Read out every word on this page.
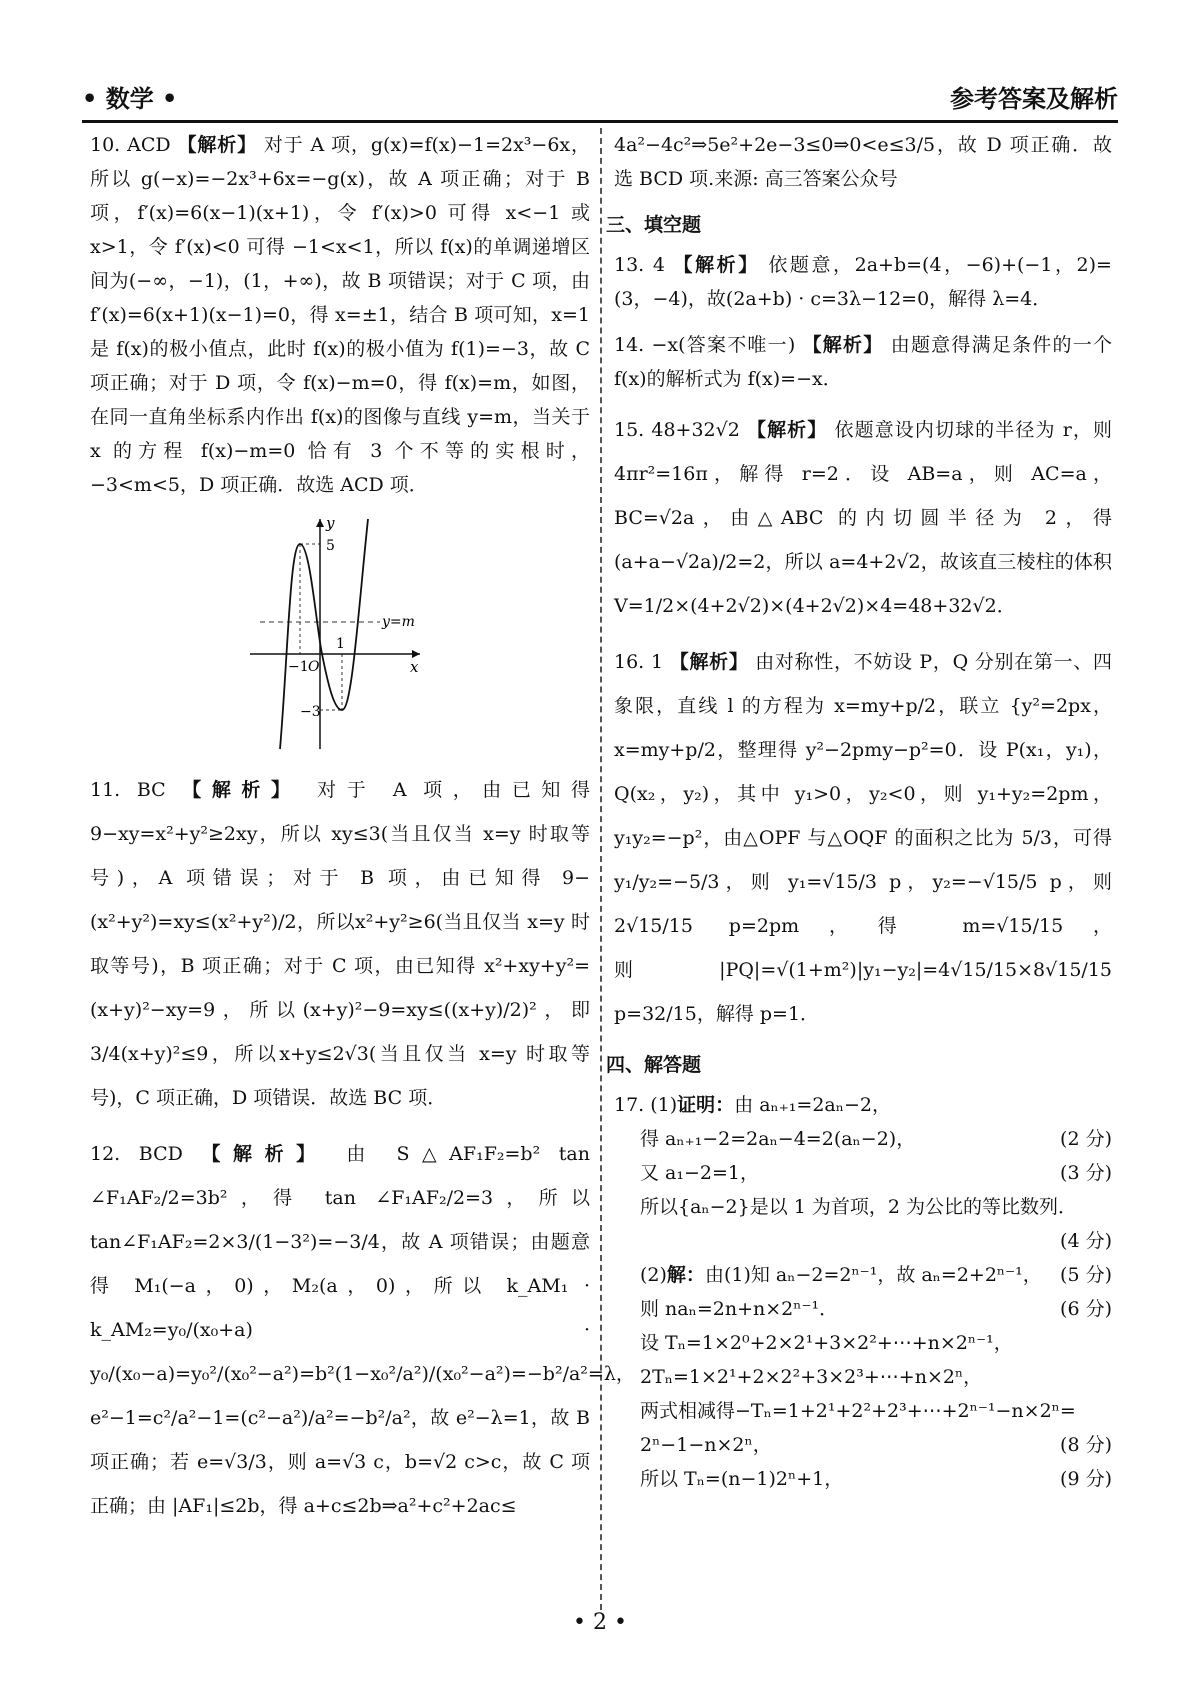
• 数学 •	参考答案及解析
10. ACD 【解析】 对于 A 项，g(x)=f(x)−1=2x³−6x，所以 g(−x)=−2x³+6x=−g(x)，故 A 项正确；对于 B 项，f′(x)=6(x−1)(x+1)，令 f′(x)>0 可得 x<−1 或 x>1，令 f′(x)<0 可得 −1<x<1，所以 f(x)的单调递增区间为(−∞，−1)，(1，+∞)，故 B 项错误；对于 C 项，由 f′(x)=6(x+1)(x−1)=0，得 x=±1，结合 B 项可知，x=1 是 f(x)的极小值点，此时 f(x)的极小值为 f(1)=−3，故 C 项正确；对于 D 项，令 f(x)−m=0，得 f(x)=m，如图，在同一直角坐标系内作出 f(x)的图像与直线 y=m，当关于 x 的方程 f(x)−m=0 恰有 3 个不等的实根时，−3<m<5，D 项正确．故选 ACD 项．
y
x
5
−3
−1 O
1
y=m
11. BC 【解析】 对于 A 项，由已知得 9−xy=x²+y²≥2xy，所以 xy≤3(当且仅当 x=y 时取等号)，A 项错误；对于 B 项，由已知得 9−(x²+y²)=xy≤(x²+y²)/2，所以x²+y²≥6(当且仅当 x=y 时取等号)，B 项正确；对于 C 项，由已知得 x²+xy+y²=(x+y)²−xy=9，所以(x+y)²−9=xy≤((x+y)/2)²，即 3/4(x+y)²≤9，所以x+y≤2√3(当且仅当 x=y 时取等号)，C 项正确，D 项错误．故选 BC 项．
12. BCD 【解析】 由 S△AF₁F₂=b² tan ∠F₁AF₂/2=3b²，得 tan ∠F₁AF₂/2=3，所以 tan∠F₁AF₂=2×3/(1−3²)=−3/4，故 A 项错误；由题意得 M₁(−a，0)，M₂(a，0)，所以 k_AM₁ · k_AM₂=y₀/(x₀+a) · y₀/(x₀−a)=y₀²/(x₀²−a²)=b²(1−x₀²/a²)/(x₀²−a²)=−b²/a²=λ，e²−1=c²/a²−1=(c²−a²)/a²=−b²/a²，故 e²−λ=1，故 B 项正确；若 e=√3/3，则 a=√3 c，b=√2 c>c，故 C 项正确；由 |AF₁|≤2b，得 a+c≤2b⇒a²+c²+2ac≤
4a²−4c²⇒5e²+2e−3≤0⇒0<e≤3/5，故 D 项正确．故选 BCD 项.来源: 高三答案公众号
三、填空题
13. 4 【解析】 依题意，2a+b=(4，−6)+(−1，2)=(3，−4)，故(2a+b) · c=3λ−12=0，解得 λ=4．
14. −x(答案不唯一) 【解析】 由题意得满足条件的一个 f(x)的解析式为 f(x)=−x．
15. 48+32√2 【解析】 依题意设内切球的半径为 r，则 4πr²=16π，解得 r=2．设 AB=a，则 AC=a，BC=√2a，由△ABC 的内切圆半径为 2，得 (a+a−√2a)/2=2，所以 a=4+2√2，故该直三棱柱的体积 V=1/2×(4+2√2)×(4+2√2)×4=48+32√2．
16. 1 【解析】 由对称性，不妨设 P，Q 分别在第一、四象限，直线 l 的方程为 x=my+p/2，联立 {y²=2px，x=my+p/2，整理得 y²−2pmy−p²=0．设 P(x₁，y₁)，Q(x₂，y₂)，其中 y₁>0，y₂<0，则 y₁+y₂=2pm，y₁y₂=−p²，由△OPF 与△OQF 的面积之比为 5/3，可得 y₁/y₂=−5/3，则 y₁=√15/3 p，y₂=−√15/5 p，则 2√15/15 p=2pm，得 m=√15/15，则|PQ|=√(1+m²)|y₁−y₂|=4√15/15×8√15/15 p=32/15，解得 p=1．
四、解答题
17. (1)证明：由 aₙ₊₁=2aₙ−2，
得 aₙ₊₁−2=2aₙ−4=2(aₙ−2)，	(2 分)
又 a₁−2=1，	(3 分)
所以{aₙ−2}是以 1 为首项，2 为公比的等比数列．
(4 分)
(2)解：由(1)知 aₙ−2=2ⁿ⁻¹，故 aₙ=2+2ⁿ⁻¹， (5 分)
则 naₙ=2n+n×2ⁿ⁻¹．	(6 分)
设 Tₙ=1×2⁰+2×2¹+3×2²+⋯+n×2ⁿ⁻¹，
2Tₙ=1×2¹+2×2²+3×2³+⋯+n×2ⁿ，
两式相减得−Tₙ=1+2¹+2²+2³+⋯+2ⁿ⁻¹−n×2ⁿ=
2ⁿ−1−n×2ⁿ，	(8 分)
所以 Tₙ=(n−1)2ⁿ+1，	(9 分)
• 2 •
